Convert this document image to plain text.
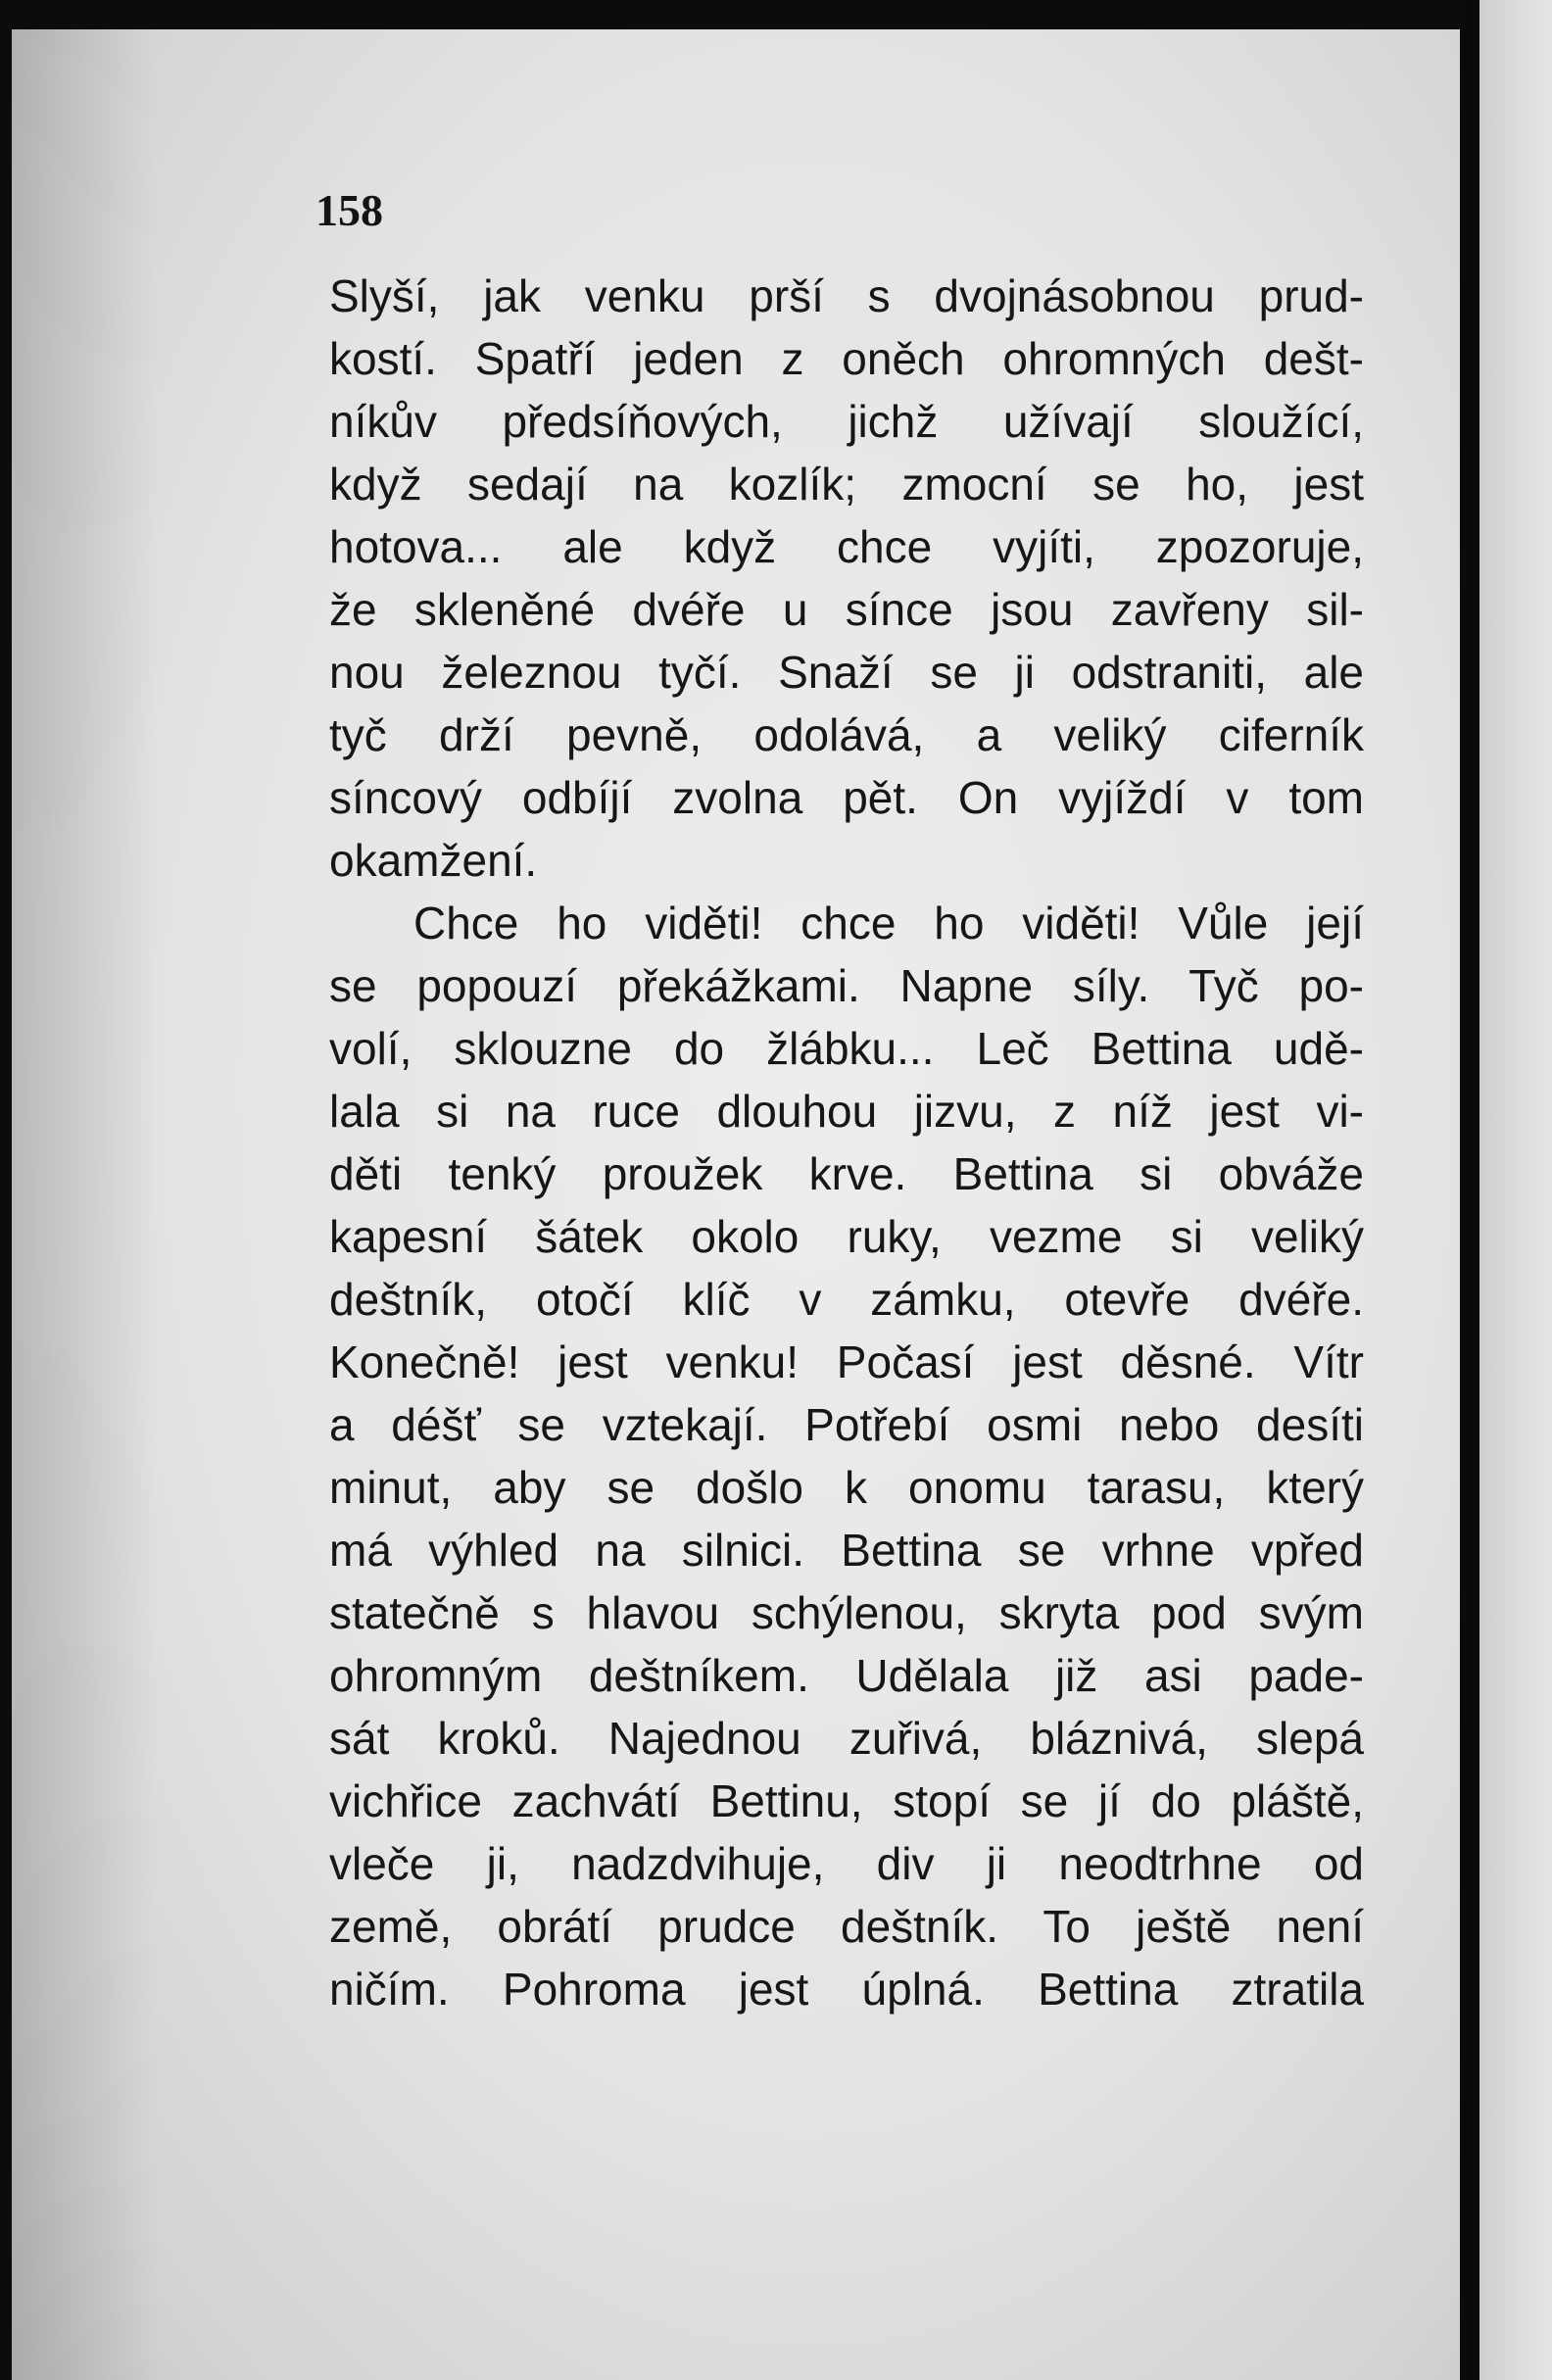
158

Slyší, jak venku prší s dvojnásobnou prud-
kostí. Spatří jeden z oněch ohromných dešt-
níkův předsíňových, jichž užívají sloužící,
když sedají na kozlík; zmocní se ho, jest
hotova... ale když chce vyjíti, zpozoruje,
že skleněné dvéře u sínce jsou zavřeny sil-
nou železnou tyčí. Snaží se ji odstraniti, ale
tyč drží pevně, odolává, a veliký ciferník
síncový odbíjí zvolna pět. On vyjíždí v tom
okamžení.
Chce ho viděti! chce ho viděti! Vůle její
se popouzí překážkami. Napne síly. Tyč po-
volí, sklouzne do žlábku... Leč Bettina udě-
lala si na ruce dlouhou jizvu, z níž jest vi-
děti tenký proužek krve. Bettina si obváže
kapesní šátek okolo ruky, vezme si veliký
deštník, otočí klíč v zámku, otevře dvéře.
Konečně! jest venku! Počasí jest děsné. Vítr
a déšť se vztekají. Potřebí osmi nebo desíti
minut, aby se došlo k onomu tarasu, který
má výhled na silnici. Bettina se vrhne vpřed
statečně s hlavou schýlenou, skryta pod svým
ohromným deštníkem. Udělala již asi pade-
sát kroků. Najednou zuřivá, bláznivá, slepá
vichřice zachvátí Bettinu, stopí se jí do pláště,
vleče ji, nadzdvihuje, div ji neodtrhne od
země, obrátí prudce deštník. To ještě není
ničím. Pohroma jest úplná. Bettina ztratila
